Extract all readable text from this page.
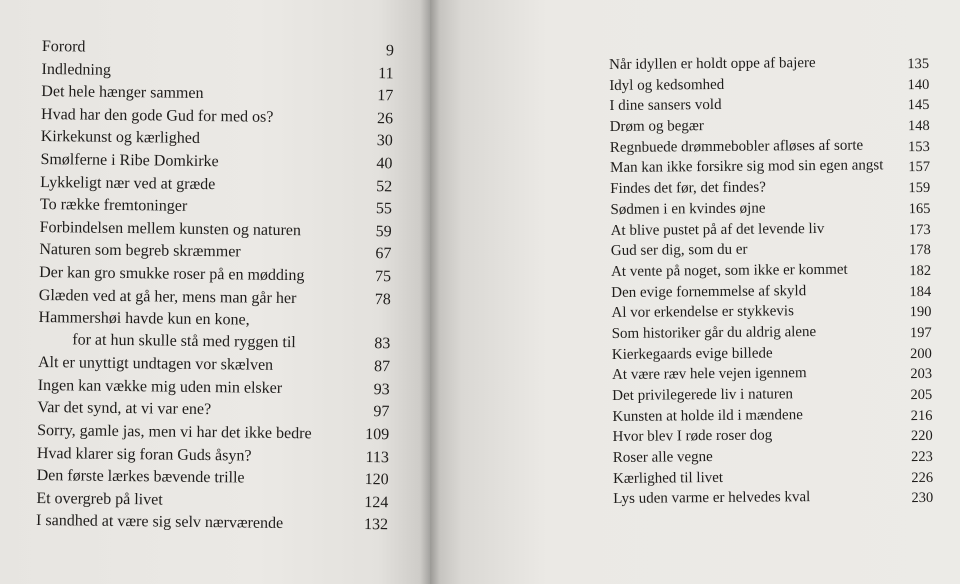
Forord	9
Indledning	11
Det hele hænger sammen	17
Hvad har den gode Gud for med os?	26
Kirkekunst og kærlighed	30
Smølferne i Ribe Domkirke	40
Lykkeligt nær ved at græde	52
To række fremtoninger	55
Forbindelsen mellem kunsten og naturen	59
Naturen som begreb skræmmer	67
Der kan gro smukke roser på en mødding	75
Glæden ved at gå her, mens man går her	78
Hammershøi havde kun en kone,
for at hun skulle stå med ryggen til	83
Alt er unyttigt undtagen vor skælven	87
Ingen kan vække mig uden min elsker	93
Var det synd, at vi var ene?	97
Sorry, gamle jas, men vi har det ikke bedre	109
Hvad klarer sig foran Guds åsyn?	113
Den første lærkes bævende trille	120
Et overgreb på livet	124
I sandhed at være sig selv nærværende	132
Når idyllen er holdt oppe af bajere	135
Idyl og kedsomhed	140
I dine sansers vold	145
Drøm og begær	148
Regnbuede drømmebobler afløses af sorte	153
Man kan ikke forsikre sig mod sin egen angst	157
Findes det før, det findes?	159
Sødmen i en kvindes øjne	165
At blive pustet på af det levende liv	173
Gud ser dig, som du er	178
At vente på noget, som ikke er kommet	182
Den evige fornemmelse af skyld	184
Al vor erkendelse er stykkevis	190
Som historiker går du aldrig alene	197
Kierkegaards evige billede	200
At være ræv hele vejen igennem	203
Det privilegerede liv i naturen	205
Kunsten at holde ild i mændene	216
Hvor blev I røde roser dog	220
Roser alle vegne	223
Kærlighed til livet	226
Lys uden varme er helvedes kval	230
